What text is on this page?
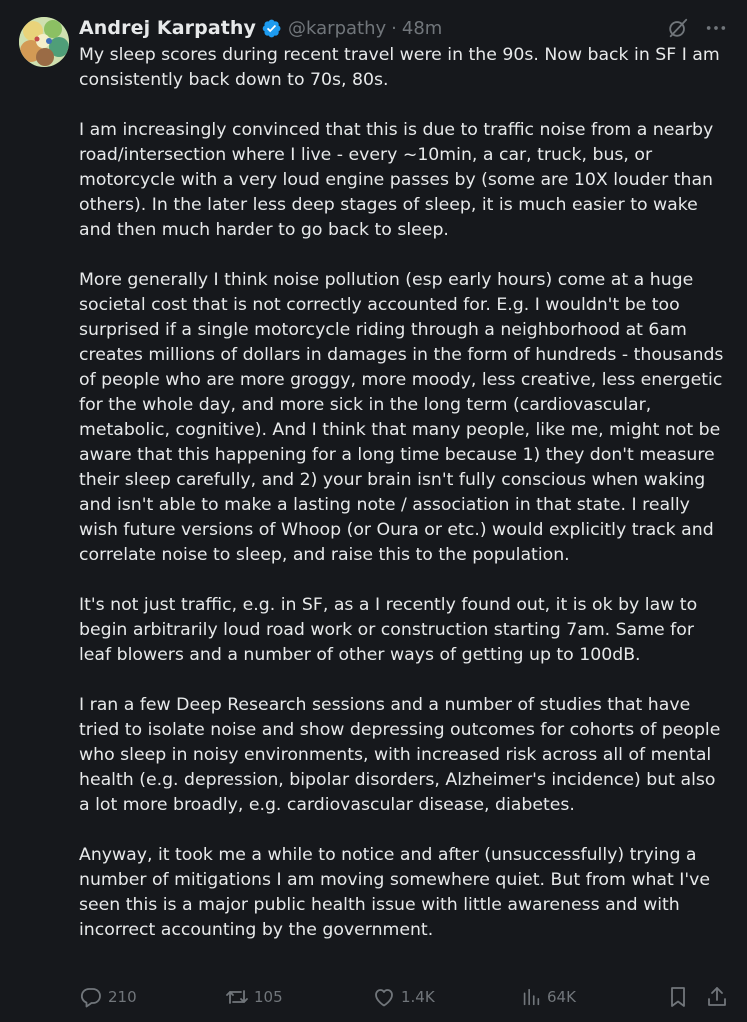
Andrej Karpathy @karpathy · 48m

My sleep scores during recent travel were in the 90s. Now back in SF I am consistently back down to 70s, 80s.

I am increasingly convinced that this is due to traffic noise from a nearby road/intersection where I live - every ~10min, a car, truck, bus, or motorcycle with a very loud engine passes by (some are 10X louder than others). In the later less deep stages of sleep, it is much easier to wake and then much harder to go back to sleep.

More generally I think noise pollution (esp early hours) come at a huge societal cost that is not correctly accounted for. E.g. I wouldn't be too surprised if a single motorcycle riding through a neighborhood at 6am creates millions of dollars in damages in the form of hundreds - thousands of people who are more groggy, more moody, less creative, less energetic for the whole day, and more sick in the long term (cardiovascular, metabolic, cognitive). And I think that many people, like me, might not be aware that this happening for a long time because 1) they don't measure their sleep carefully, and 2) your brain isn't fully conscious when waking and isn't able to make a lasting note / association in that state. I really wish future versions of Whoop (or Oura or etc.) would explicitly track and correlate noise to sleep, and raise this to the population.

It's not just traffic, e.g. in SF, as a I recently found out, it is ok by law to begin arbitrarily loud road work or construction starting 7am. Same for leaf blowers and a number of other ways of getting up to 100dB.

I ran a few Deep Research sessions and a number of studies that have tried to isolate noise and show depressing outcomes for cohorts of people who sleep in noisy environments, with increased risk across all of mental health (e.g. depression, bipolar disorders, Alzheimer's incidence) but also a lot more broadly, e.g. cardiovascular disease, diabetes.

Anyway, it took me a while to notice and after (unsuccessfully) trying a number of mitigations I am moving somewhere quiet. But from what I've seen this is a major public health issue with little awareness and with incorrect accounting by the government.

210	105	1.4K	64K
